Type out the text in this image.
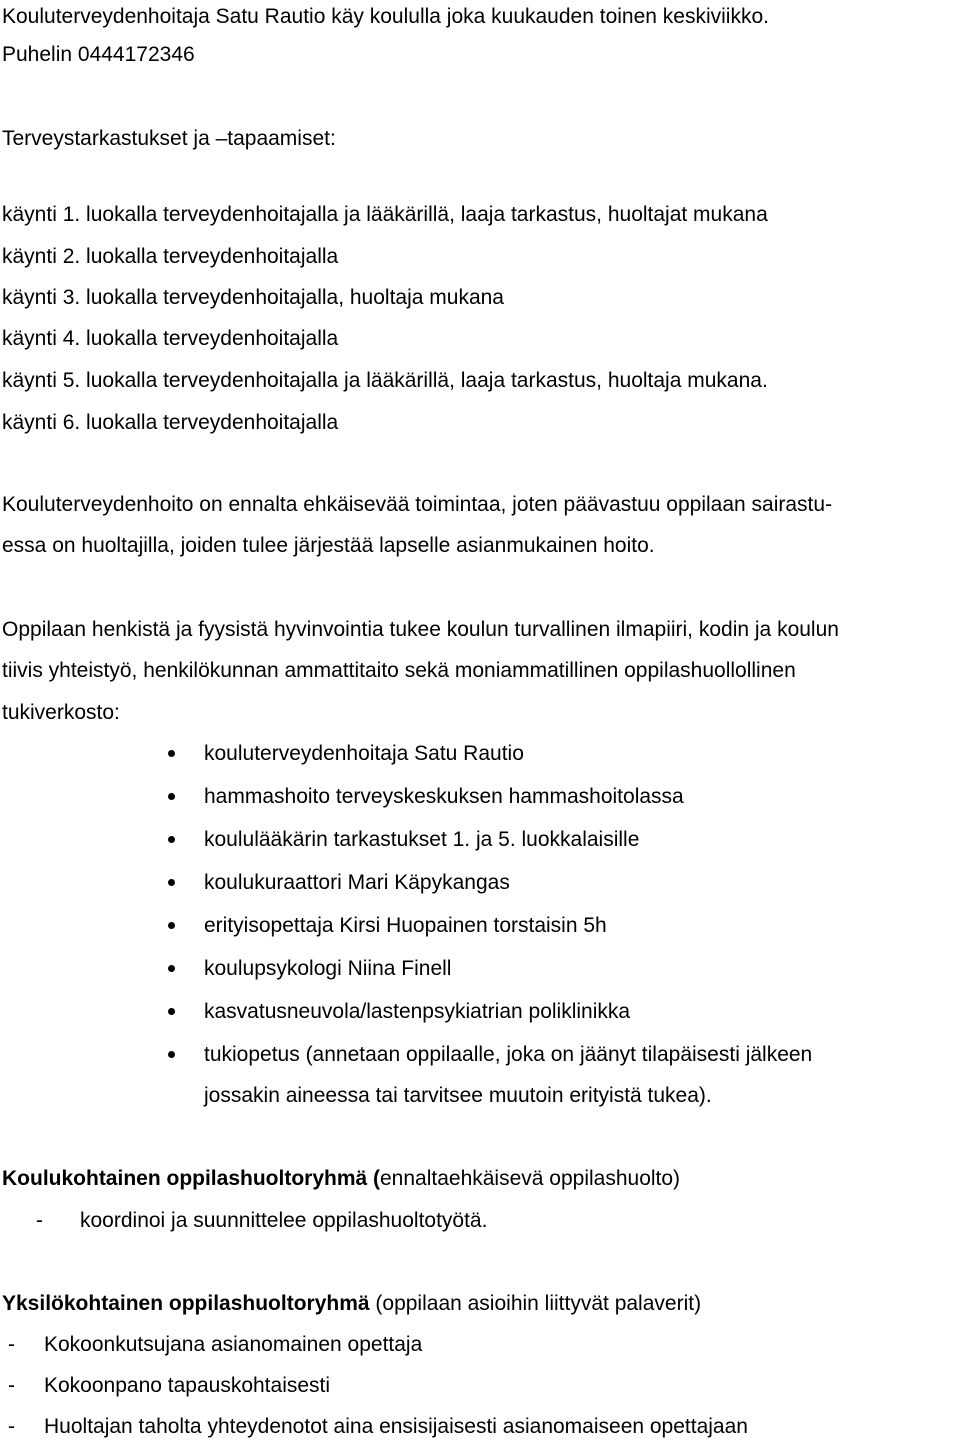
Kouluterveydenhoitaja Satu Rautio käy koululla joka kuukauden toinen keskiviikko.
Puhelin 0444172346
Terveystarkastukset ja –tapaamiset:
käynti 1. luokalla terveydenhoitajalla ja lääkärillä, laaja tarkastus, huoltajat mukana
käynti 2. luokalla terveydenhoitajalla
käynti 3. luokalla terveydenhoitajalla, huoltaja mukana
käynti 4. luokalla terveydenhoitajalla
käynti 5. luokalla terveydenhoitajalla ja lääkärillä, laaja tarkastus, huoltaja mukana.
käynti 6. luokalla terveydenhoitajalla
Kouluterveydenhoito on ennalta ehkäisevää toimintaa, joten päävastuu oppilaan sairastu-
essa on huoltajilla, joiden tulee järjestää lapselle asianmukainen hoito.
Oppilaan henkistä ja fyysistä hyvinvointia tukee koulun turvallinen ilmapiiri, kodin ja koulun
tiivis yhteistyö, henkilökunnan ammattitaito sekä moniammatillinen oppilashuollollinen
tukiverkosto:
kouluterveydenhoitaja Satu Rautio
hammashoito terveyskeskuksen hammashoitolassa
koululääkärin tarkastukset 1. ja 5. luokkalaisille
koulukuraattori Mari Käpykangas
erityisopettaja Kirsi Huopainen torstaisin 5h
koulupsykologi Niina Finell
kasvatusneuvola/lastenpsykiatrian poliklinikka
tukiopetus (annetaan oppilaalle, joka on jäänyt tilapäisesti jälkeen
jossakin aineessa tai tarvitsee muutoin erityistä tukea).
Koulukohtainen oppilashuoltoryhmä (ennaltaehkäisevä oppilashuolto)
- koordinoi ja suunnittelee oppilashuoltotyötä.
Yksilökohtainen oppilashuoltoryhmä (oppilaan asioihin liittyvät palaverit)
- Kokoonkutsujana asianomainen opettaja
- Kokoonpano tapauskohtaisesti
- Huoltajan taholta yhteydenotot aina ensisijaisesti asianomaiseen opettajaan
